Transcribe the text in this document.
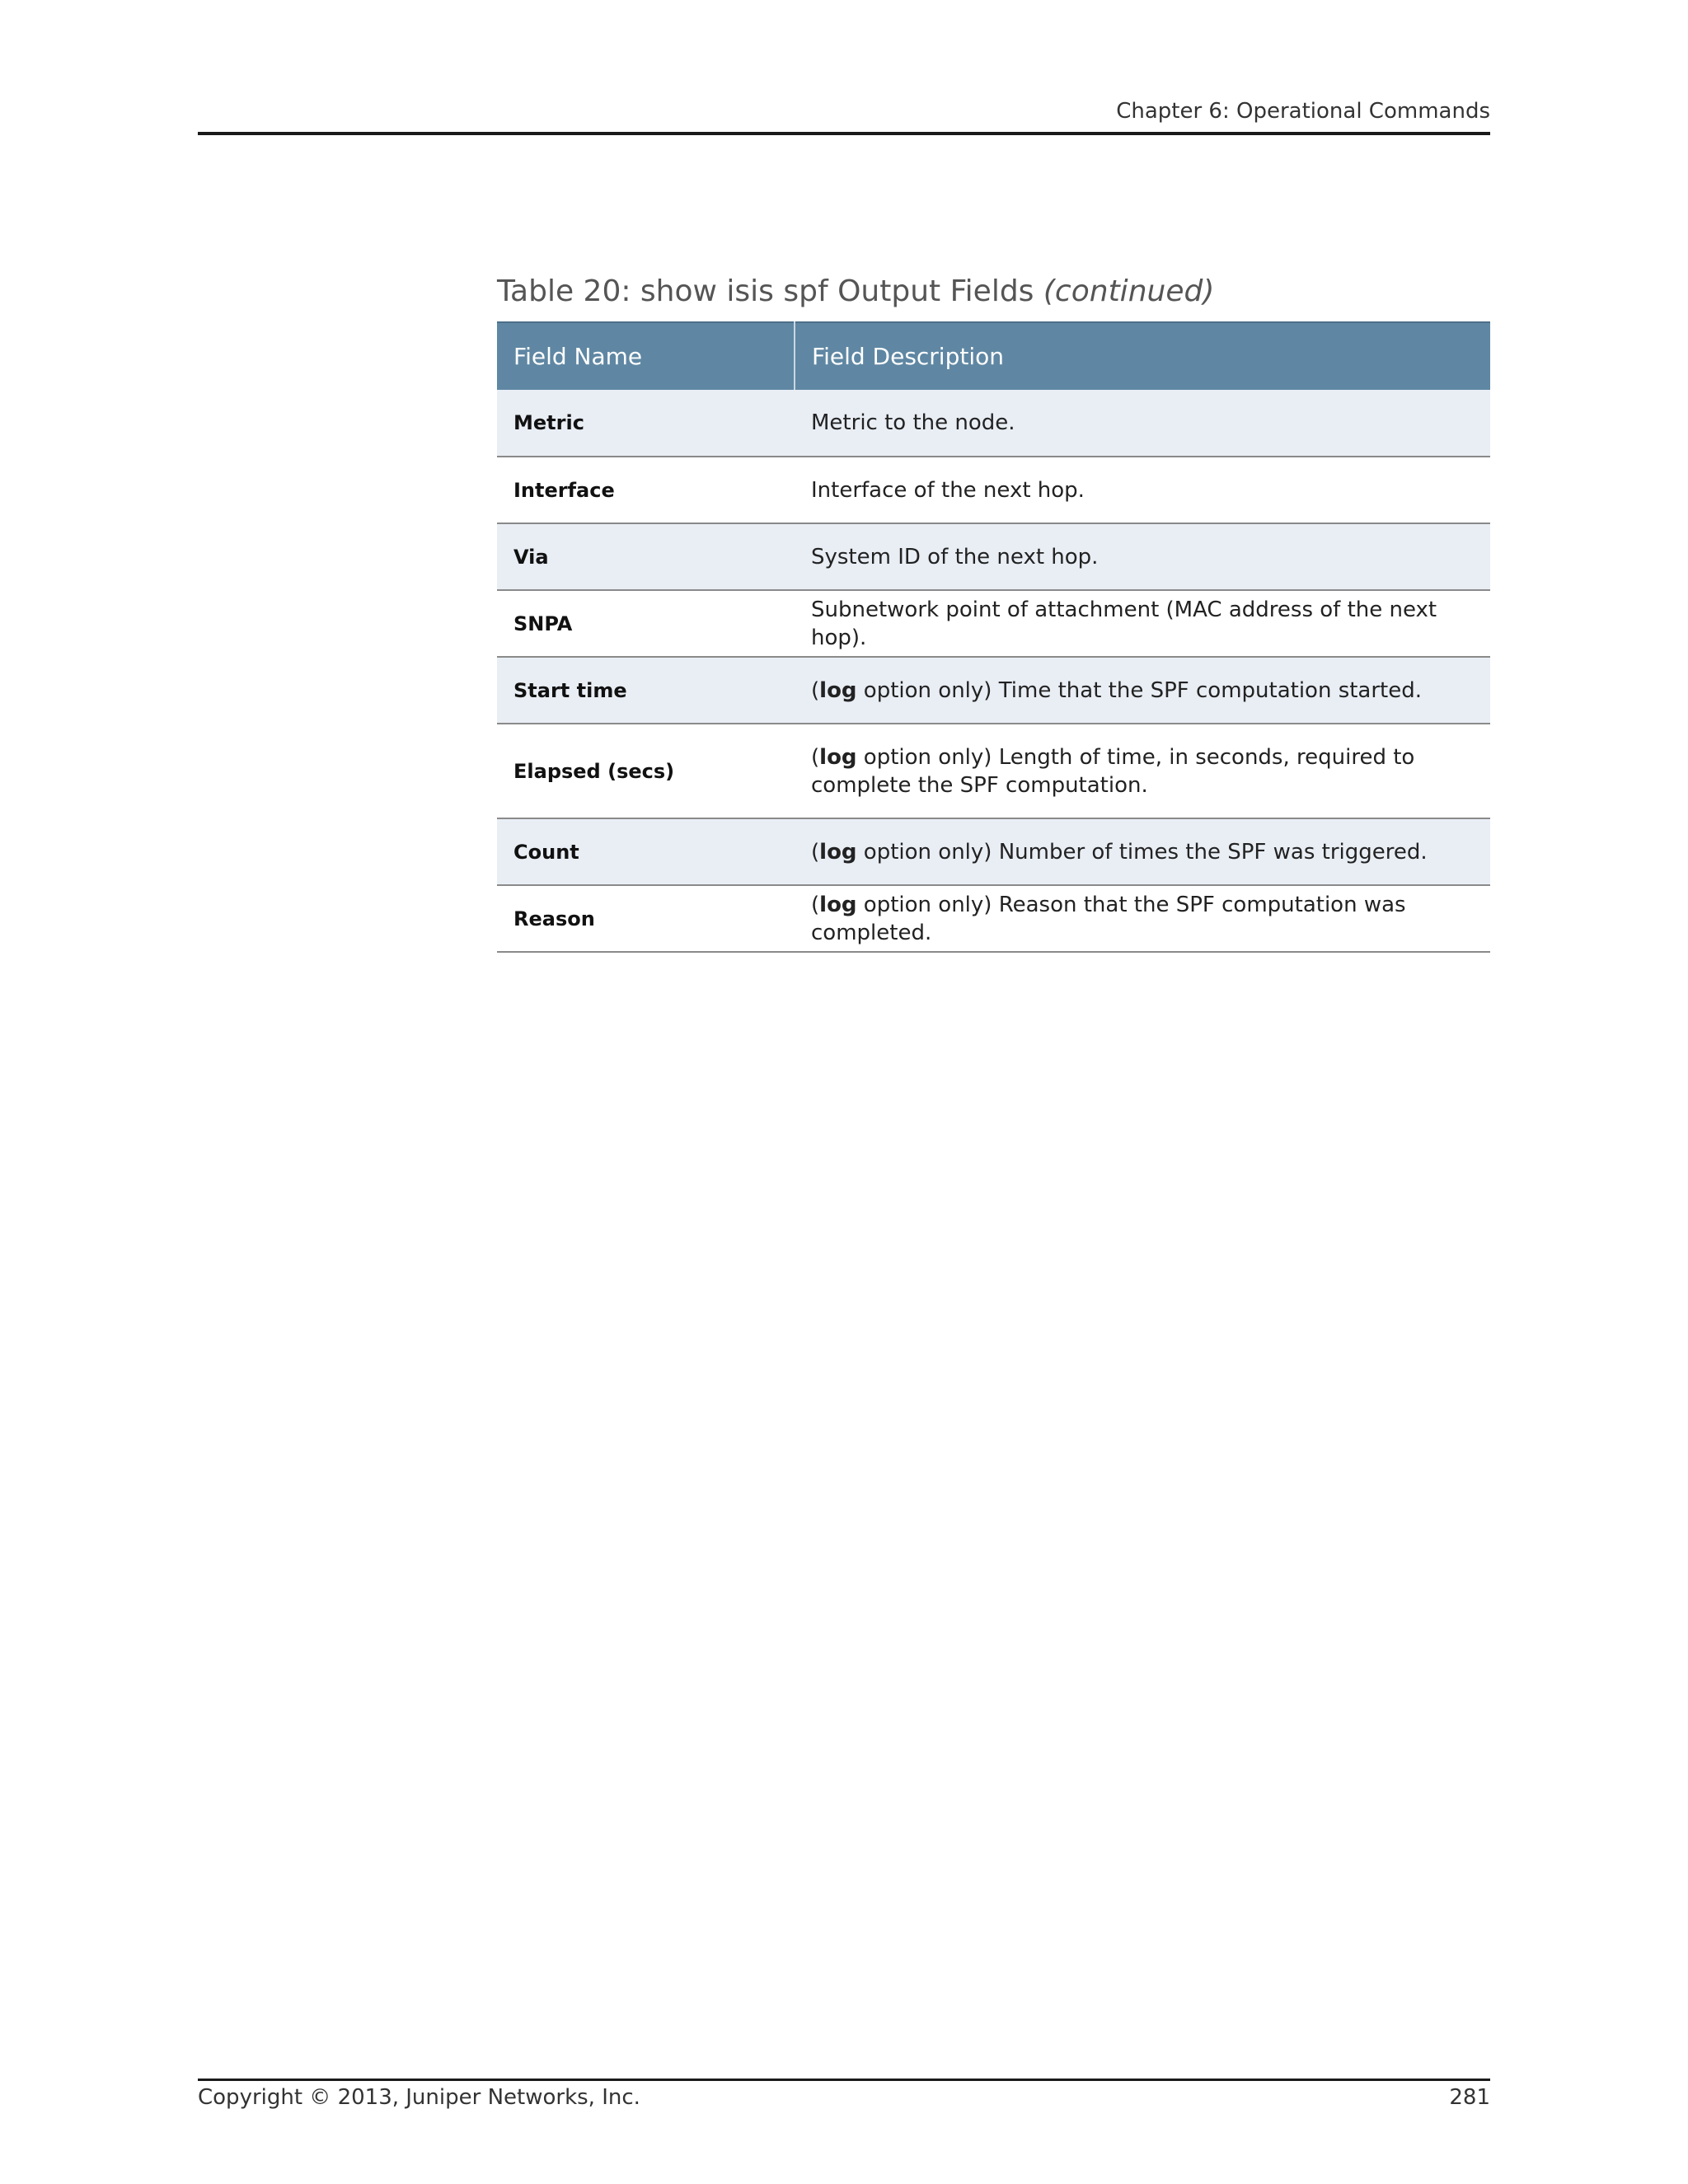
Chapter 6: Operational Commands
Table 20: show isis spf Output Fields (continued)
Field Name	Field Description
Metric	Metric to the node.
Interface	Interface of the next hop.
Via	System ID of the next hop.
SNPA	Subnetwork point of attachment (MAC address of the next hop).
Start time	(log option only) Time that the SPF computation started.
Elapsed (secs)	(log option only) Length of time, in seconds, required to complete the SPF computation.
Count	(log option only) Number of times the SPF was triggered.
Reason	(log option only) Reason that the SPF computation was completed.
Copyright © 2013, Juniper Networks, Inc.	281
